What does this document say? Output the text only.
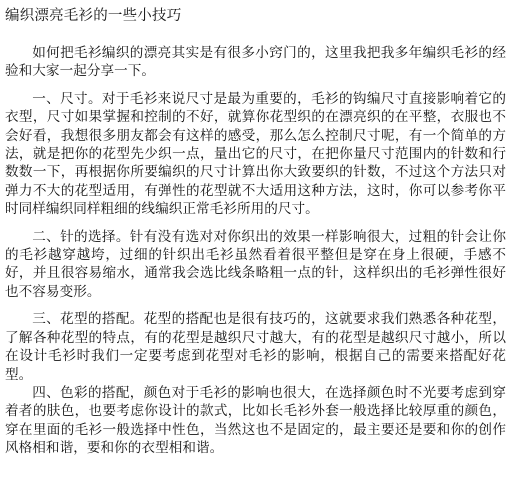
编织漂亮毛衫的一些小技巧

如何把毛衫编织的漂亮其实是有很多小窍门的，这里我把我多年编织毛衫的经验和大家一起分享一下。

一、尺寸。对于毛衫来说尺寸是最为重要的，毛衫的钩编尺寸直接影响着它的衣型，尺寸如果掌握和控制的不好，就算你花型织的在漂亮织的在平整，衣服也不会好看，我想很多朋友都会有这样的感受，那么怎么控制尺寸呢，有一个简单的方法，就是把你的花型先少织一点，量出它的尺寸，在把你量尺寸范围内的针数和行数数一下，再根据你所要编织的尺寸计算出你大致要织的针数，不过这个方法只对弹力不大的花型适用，有弹性的花型就不大适用这种方法，这时，你可以参考你平时同样编织同样粗细的线编织正常毛衫所用的尺寸。

二、针的选择。针有没有选对对你织出的效果一样影响很大，过粗的针会让你的毛衫越穿越垮，过细的针织出毛衫虽然看着很平整但是穿在身上很硬，手感不好，并且很容易缩水，通常我会选比线条略粗一点的针，这样织出的毛衫弹性很好也不容易变形。

三、花型的搭配。花型的搭配也是很有技巧的，这就要求我们熟悉各种花型，了解各种花型的特点，有的花型是越织尺寸越大，有的花型是越织尺寸越小，所以在设计毛衫时我们一定要考虑到花型对毛衫的影响，根据自己的需要来搭配好花型。

四、色彩的搭配，颜色对于毛衫的影响也很大，在选择颜色时不光要考虑到穿着者的肤色，也要考虑你设计的款式，比如长毛衫外套一般选择比较厚重的颜色，穿在里面的毛衫一般选择中性色，当然这也不是固定的，最主要还是要和你的创作风格相和谐，要和你的衣型相和谐。
